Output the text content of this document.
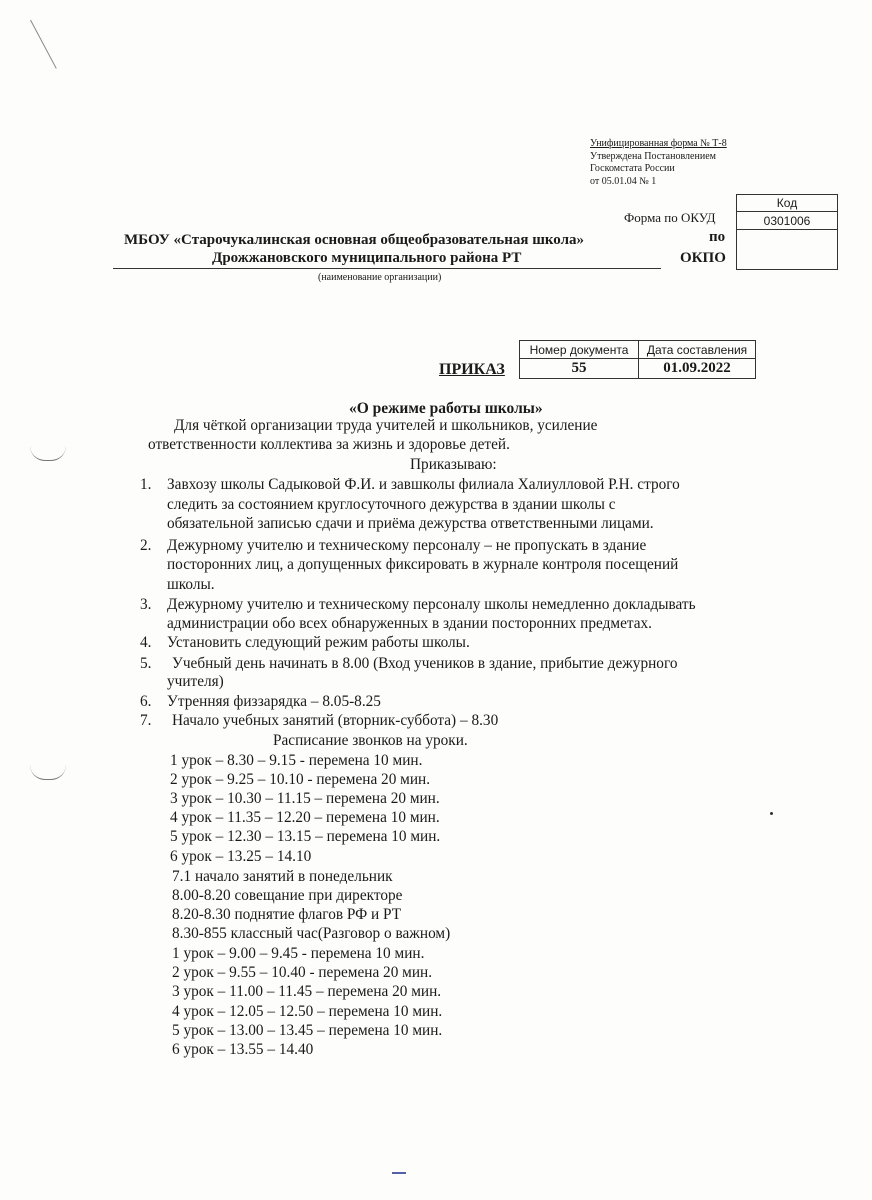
Унифицированная форма № Т-8
Утверждена Постановлением
Госкомстата России
от 05.01.04 № 1
Код
0301006

Форма по ОКУД
по
ОКПО
МБОУ «Старочукалинская основная общеобразовательная школа»
Дрожжановского муниципального района РТ
(наименование организации)
Номер документа	Дата составления
55	01.09.2022
ПРИКАЗ
«О режиме работы школы»
Для чёткой организации труда учителей и школьников, усиление
ответственности коллектива за жизнь и здоровье детей.
Приказываю:
1. Завхозу школы Садыковой Ф.И. и завшколы филиала Халиулловой Р.Н. строго
следить за состоянием круглосуточного дежурства в здании школы с
обязательной записью сдачи и приёма дежурства ответственными лицами.
2. Дежурному учителю и техническому персоналу – не пропускать в здание
посторонних лиц, а допущенных фиксировать в журнале контроля посещений
школы.
3. Дежурному учителю и техническому персоналу школы немедленно докладывать
администрации обо всех обнаруженных в здании посторонних предметах.
4. Установить следующий режим работы школы.
5. Учебный день начинать в 8.00 (Вход учеников в здание, прибытие дежурного
учителя)
6. Утренняя физзарядка – 8.05-8.25
7. Начало учебных занятий (вторник-суббота) – 8.30
Расписание звонков на уроки.
1 урок – 8.30 – 9.15 - перемена 10 мин.
2 урок – 9.25 – 10.10 - перемена 20 мин.
3 урок – 10.30 – 11.15 – перемена 20 мин.
4 урок – 11.35 – 12.20 – перемена 10 мин.
5 урок – 12.30 – 13.15 – перемена 10 мин.
6 урок – 13.25 – 14.10
7.1 начало занятий в понедельник
8.00-8.20 совещание при директоре
8.20-8.30 поднятие флагов РФ и РТ
8.30-855 классный час(Разговор о важном)
1 урок – 9.00 – 9.45 - перемена 10 мин.
2 урок – 9.55 – 10.40 - перемена 20 мин.
3 урок – 11.00 – 11.45 – перемена 20 мин.
4 урок – 12.05 – 12.50 – перемена 10 мин.
5 урок – 13.00 – 13.45 – перемена 10 мин.
6 урок – 13.55 – 14.40
